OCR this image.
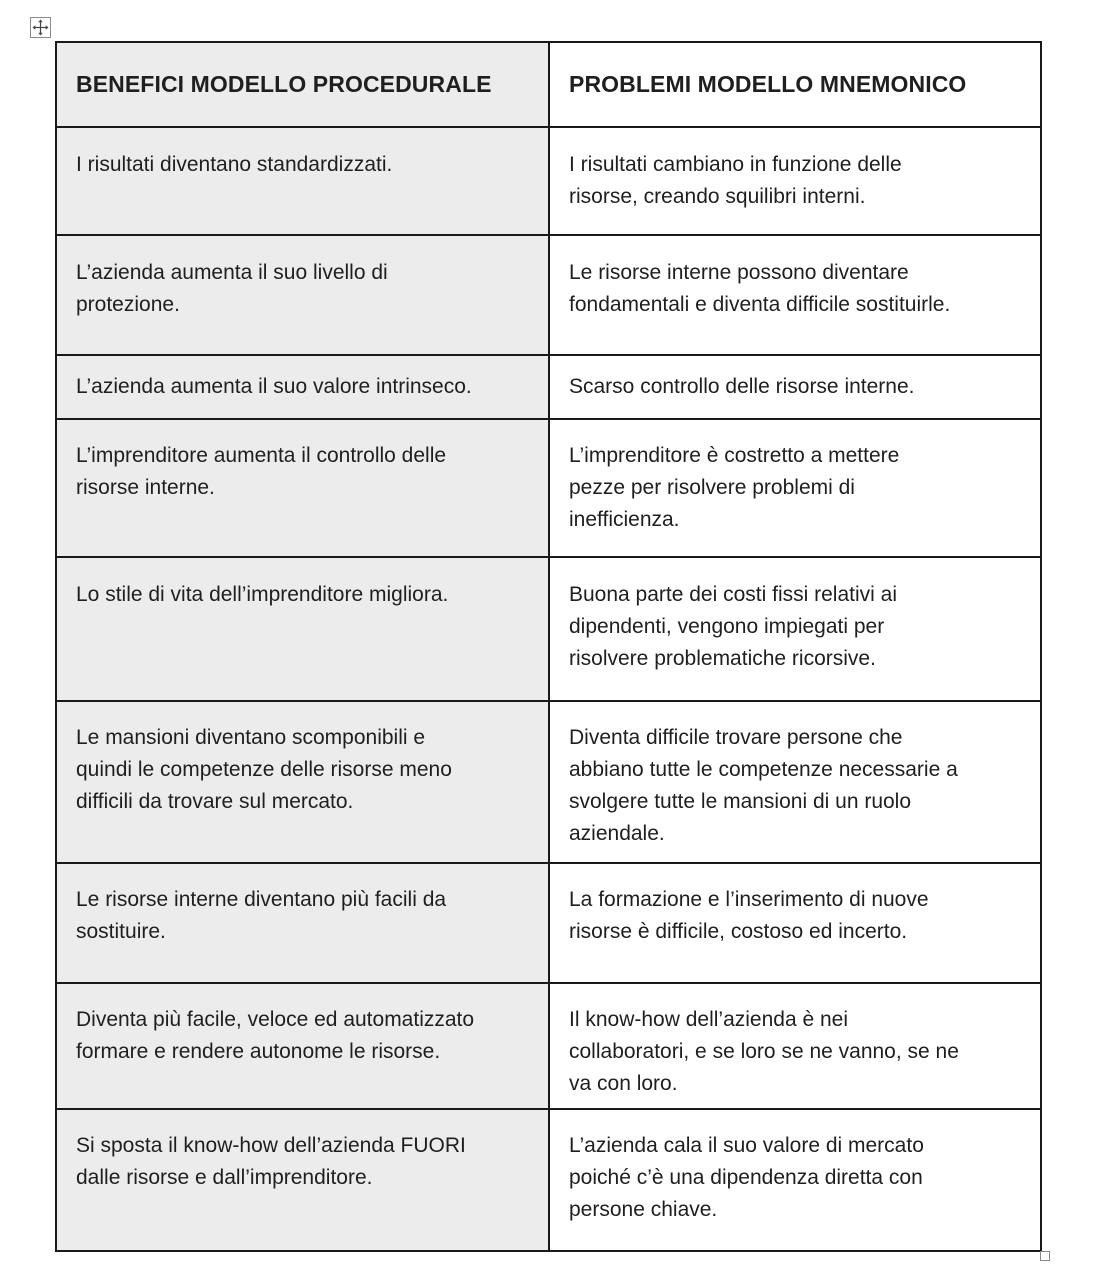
BENEFICI MODELLO PROCEDURALE	PROBLEMI MODELLO MNEMONICO

I risultati diventano standardizzati.	I risultati cambiano in funzione delle
risorse, creando squilibri interni.

L’azienda aumenta il suo livello di
protezione.	Le risorse interne possono diventare
fondamentali e diventa difficile sostituirle.

L’azienda aumenta il suo valore intrinseco.	Scarso controllo delle risorse interne.

L’imprenditore aumenta il controllo delle
risorse interne.	L’imprenditore è costretto a mettere
pezze per risolvere problemi di
inefficienza.

Lo stile di vita dell’imprenditore migliora.	Buona parte dei costi fissi relativi ai
dipendenti, vengono impiegati per
risolvere problematiche ricorsive.

Le mansioni diventano scomponibili e
quindi le competenze delle risorse meno
difficili da trovare sul mercato.	Diventa difficile trovare persone che
abbiano tutte le competenze necessarie a
svolgere tutte le mansioni di un ruolo
aziendale.

Le risorse interne diventano più facili da
sostituire.	La formazione e l’inserimento di nuove
risorse è difficile, costoso ed incerto.

Diventa più facile, veloce ed automatizzato
formare e rendere autonome le risorse.	Il know-how dell’azienda è nei
collaboratori, e se loro se ne vanno, se ne
va con loro.

Si sposta il know-how dell’azienda FUORI
dalle risorse e dall’imprenditore.	L’azienda cala il suo valore di mercato
poiché c’è una dipendenza diretta con
persone chiave.
